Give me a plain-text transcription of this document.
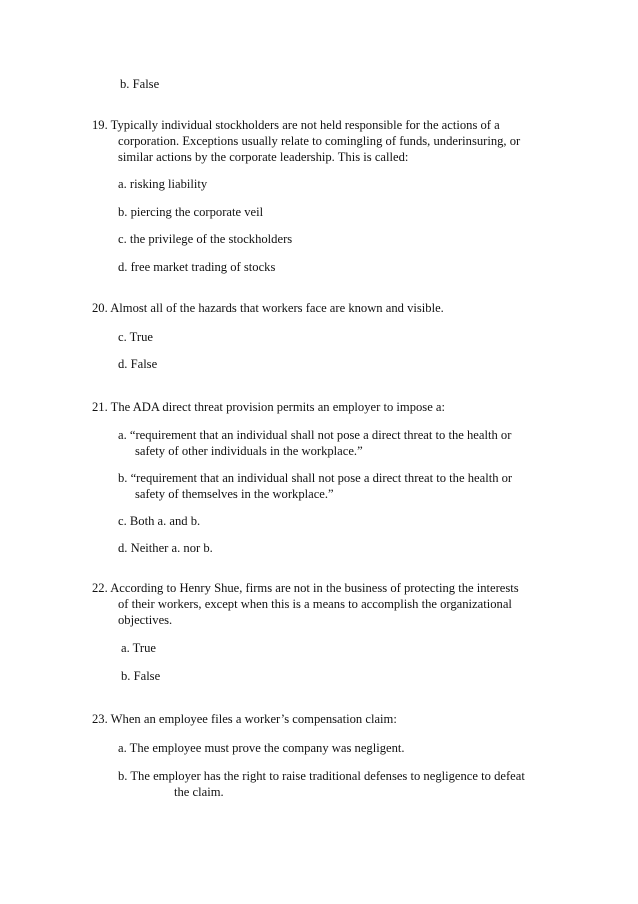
b. False
19. Typically individual stockholders are not held responsible for the actions of a
corporation. Exceptions usually relate to comingling of funds, underinsuring, or
similar actions by the corporate leadership. This is called:
a. risking liability
b. piercing the corporate veil
c. the privilege of the stockholders
d. free market trading of stocks
20. Almost all of the hazards that workers face are known and visible.
c. True
d. False
21. The ADA direct threat provision permits an employer to impose a:
a. “requirement that an individual shall not pose a direct threat to the health or
safety of other individuals in the workplace.”
b. “requirement that an individual shall not pose a direct threat to the health or
safety of themselves in the workplace.”
c. Both a. and b.
d. Neither a. nor b.
22. According to Henry Shue, firms are not in the business of protecting the interests
of their workers, except when this is a means to accomplish the organizational
objectives.
a. True
b. False
23. When an employee files a worker’s compensation claim:
a. The employee must prove the company was negligent.
b. The employer has the right to raise traditional defenses to negligence to defeat
the claim.
